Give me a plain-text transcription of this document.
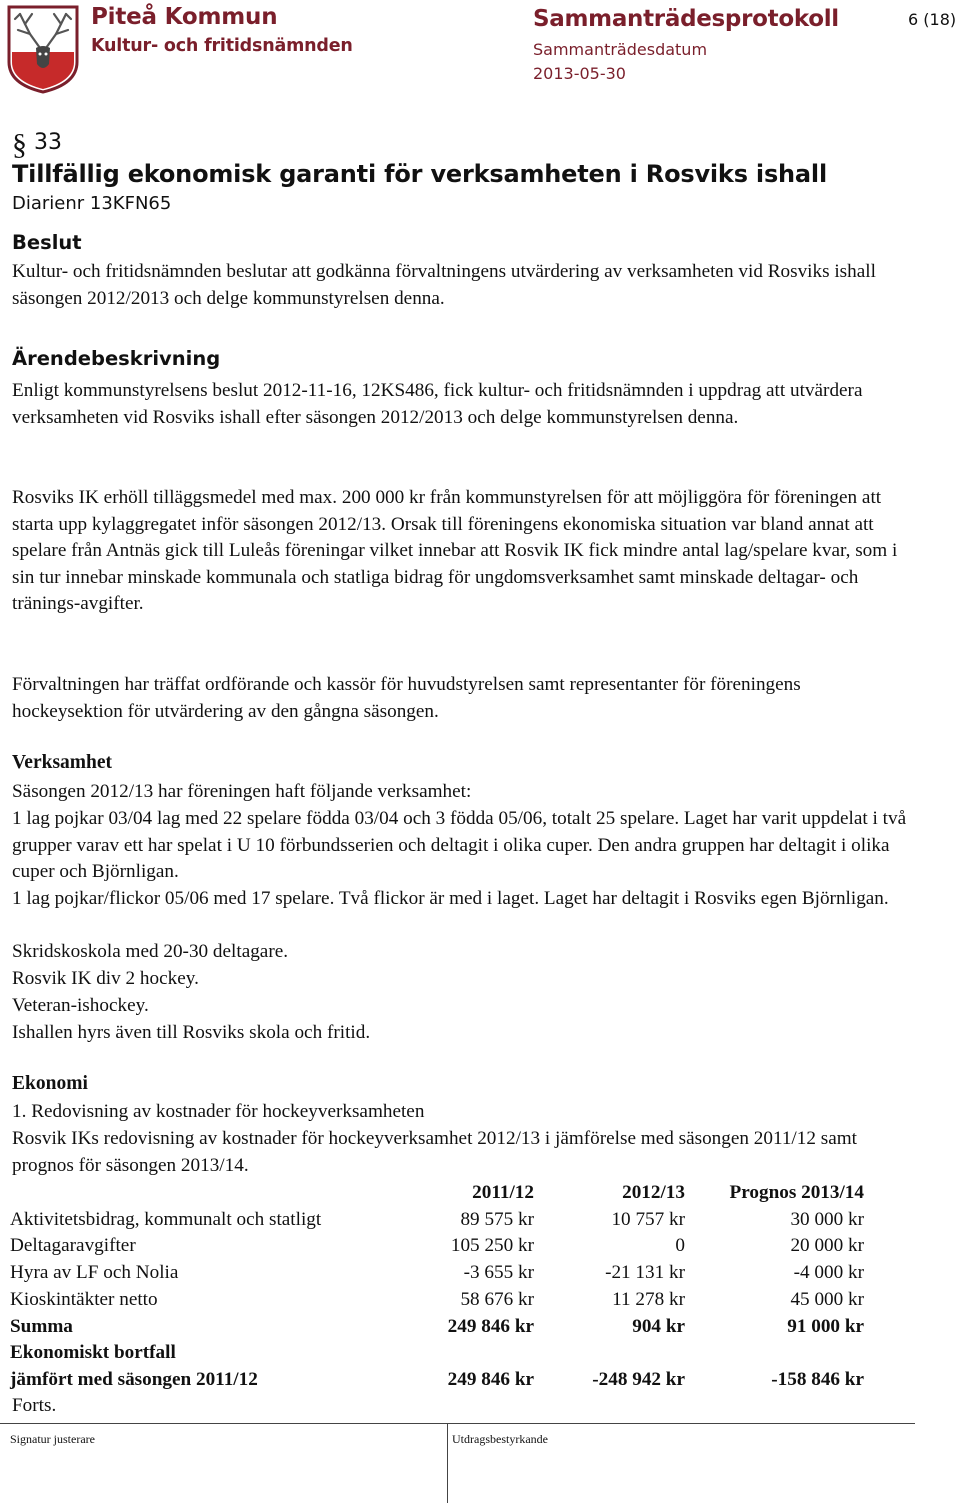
Piteå Kommun
Kultur- och fritidsnämnden
Sammanträdesprotokoll
Sammanträdesdatum
2013-05-30
6 (18)
§ 33
Tillfällig ekonomisk garanti för verksamheten i Rosviks ishall
Diarienr 13KFN65
Beslut

Kultur- och fritidsnämnden beslutar att godkänna förvaltningens utvärdering av verksamheten vid Rosviks ishall säsongen 2012/2013 och delge kommunstyrelsen denna.

Ärendebeskrivning

Enligt kommunstyrelsens beslut 2012-11-16, 12KS486, fick kultur- och fritidsnämnden i uppdrag att utvärdera verksamheten vid Rosviks ishall efter säsongen 2012/2013 och delge kommunstyrelsen denna.

Rosviks IK erhöll tilläggsmedel med max. 200 000 kr från kommunstyrelsen för att möjliggöra för föreningen att starta upp kylaggregatet inför säsongen 2012/13. Orsak till föreningens ekonomiska situation var bland annat att spelare från Antnäs gick till Luleås föreningar vilket innebar att Rosvik IK fick mindre antal lag/spelare kvar, som i sin tur innebar minskade kommunala och statliga bidrag för ungdomsverksamhet samt minskade deltagar- och tränings-avgifter.

Förvaltningen har träffat ordförande och kassör för huvudstyrelsen samt representanter för föreningens hockeysektion för utvärdering av den gångna säsongen.

Verksamhet

Säsongen 2012/13 har föreningen haft följande verksamhet:

1 lag pojkar 03/04 lag med 22 spelare födda 03/04 och 3 födda 05/06, totalt 25 spelare. Laget har varit uppdelat i två grupper varav ett har spelat i U 10 förbundsserien och deltagit i olika cuper. Den andra gruppen har deltagit i olika cuper och Björnligan.

1 lag pojkar/flickor 05/06 med 17 spelare. Två flickor är med i laget. Laget har deltagit i Rosviks egen Björnligan.

Skridskoskola med 20-30 deltagare.

Rosvik IK div 2 hockey.

Veteran-ishockey.

Ishallen hyrs även till Rosviks skola och fritid.

Ekonomi

1. Redovisning av kostnader för hockeyverksamheten

Rosvik IKs redovisning av kostnader för hockeyverksamhet 2012/13 i jämförelse med säsongen 2011/12 samt prognos för säsongen 2013/14.

	2011/12	2012/13	Prognos 2013/14
Aktivitetsbidrag, kommunalt och statligt	89 575 kr	10 757 kr	30 000 kr
Deltagaravgifter	105 250 kr	0	20 000 kr
Hyra av LF och Nolia	-3 655 kr	-21 131 kr	-4 000 kr
Kioskintäkter netto	58 676 kr	11 278 kr	45 000 kr
Summa	249 846 kr	904 kr	91 000 kr
Ekonomiskt bortfall			
jämfört med säsongen 2011/12	249 846 kr	-248 942 kr	-158 846 kr
Forts.
Signatur justerare	Utdragsbestyrkande
